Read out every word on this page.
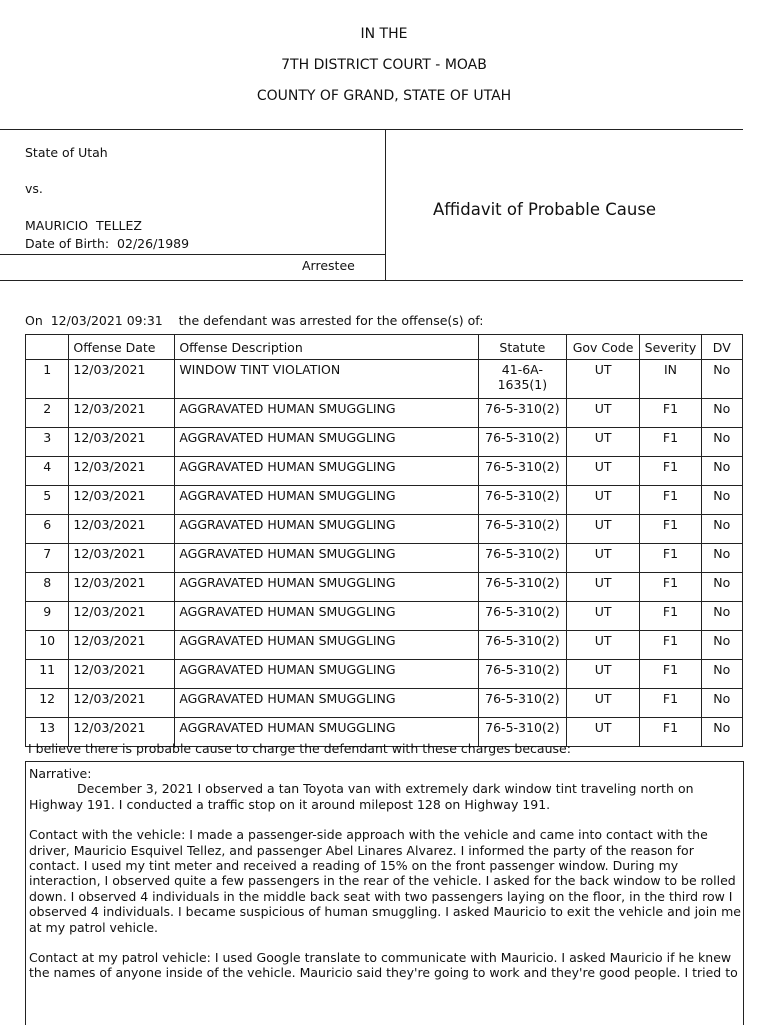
IN THE
7TH DISTRICT COURT - MOAB
COUNTY OF GRAND, STATE OF UTAH
State of Utah
vs.
MAURICIO  TELLEZ
Date of Birth:  02/26/1989
Arrestee
Affidavit of Probable Cause
On  12/03/2021 09:31    the defendant was arrested for the offense(s) of:
	Offense Date	Offense Description	Statute	Gov Code	Severity	DV
1	12/03/2021	WINDOW TINT VIOLATION	41-6A-1635(1)	UT	IN	No
2	12/03/2021	AGGRAVATED HUMAN SMUGGLING	76-5-310(2)	UT	F1	No
3	12/03/2021	AGGRAVATED HUMAN SMUGGLING	76-5-310(2)	UT	F1	No
4	12/03/2021	AGGRAVATED HUMAN SMUGGLING	76-5-310(2)	UT	F1	No
5	12/03/2021	AGGRAVATED HUMAN SMUGGLING	76-5-310(2)	UT	F1	No
6	12/03/2021	AGGRAVATED HUMAN SMUGGLING	76-5-310(2)	UT	F1	No
7	12/03/2021	AGGRAVATED HUMAN SMUGGLING	76-5-310(2)	UT	F1	No
8	12/03/2021	AGGRAVATED HUMAN SMUGGLING	76-5-310(2)	UT	F1	No
9	12/03/2021	AGGRAVATED HUMAN SMUGGLING	76-5-310(2)	UT	F1	No
10	12/03/2021	AGGRAVATED HUMAN SMUGGLING	76-5-310(2)	UT	F1	No
11	12/03/2021	AGGRAVATED HUMAN SMUGGLING	76-5-310(2)	UT	F1	No
12	12/03/2021	AGGRAVATED HUMAN SMUGGLING	76-5-310(2)	UT	F1	No
13	12/03/2021	AGGRAVATED HUMAN SMUGGLING	76-5-310(2)	UT	F1	No
I believe there is probable cause to charge the defendant with these charges because:

Narrative:

December 3, 2021 I observed a tan Toyota van with extremely dark window tint traveling north on Highway 191. I conducted a traffic stop on it around milepost 128 on Highway 191.

Contact with the vehicle: I made a passenger-side approach with the vehicle and came into contact with the driver, Mauricio Esquivel Tellez, and passenger Abel Linares Alvarez. I informed the party of the reason for contact. I used my tint meter and received a reading of 15% on the front passenger window. During my interaction, I observed quite a few passengers in the rear of the vehicle. I asked for the back window to be rolled down. I observed 4 individuals in the middle back seat with two passengers laying on the floor, in the third row I observed 4 individuals. I became suspicious of human smuggling. I asked Mauricio to exit the vehicle and join me at my patrol vehicle.

Contact at my patrol vehicle: I used Google translate to communicate with Mauricio. I asked Mauricio if he knew the names of anyone inside of the vehicle. Mauricio said they're going to work and they're good people. I tried to
